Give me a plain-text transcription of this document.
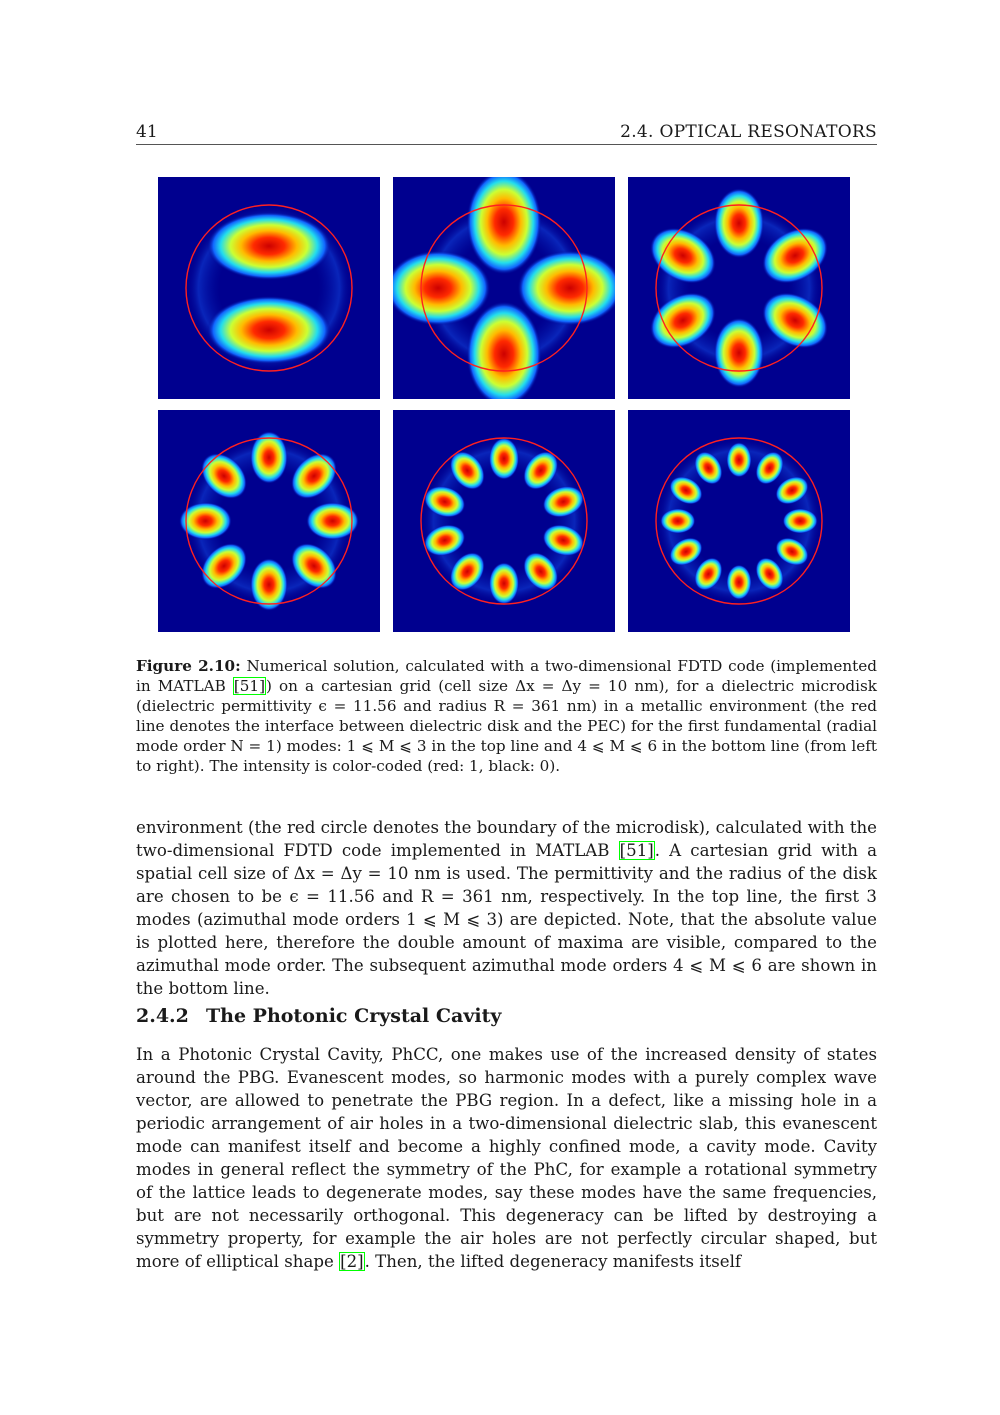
41	2.4. OPTICAL RESONATORS
Figure 2.10: Numerical solution, calculated with a two-dimensional FDTD code (implemented in MATLAB [51]) on a cartesian grid (cell size Δx = Δy = 10 nm), for a dielectric microdisk (dielectric permittivity ϵ = 11.56 and radius R = 361 nm) in a metallic environment (the red line denotes the interface between dielectric disk and the PEC) for the first fundamental (radial mode order N = 1) modes: 1 ⩽ M ⩽ 3 in the top line and 4 ⩽ M ⩽ 6 in the bottom line (from left to right). The intensity is color-coded (red: 1, black: 0).

environment (the red circle denotes the boundary of the microdisk), calculated with the two-dimensional FDTD code implemented in MATLAB [51]. A cartesian grid with a spatial cell size of Δx = Δy = 10 nm is used. The permittivity and the radius of the disk are chosen to be ϵ = 11.56 and R = 361 nm, respectively. In the top line, the first 3 modes (azimuthal mode orders 1 ⩽ M ⩽ 3) are depicted. Note, that the absolute value is plotted here, therefore the double amount of maxima are visible, compared to the azimuthal mode order. The subsequent azimuthal mode orders 4 ⩽ M ⩽ 6 are shown in the bottom line.

2.4.2 The Photonic Crystal Cavity

In a Photonic Crystal Cavity, PhCC, one makes use of the increased density of states around the PBG. Evanescent modes, so harmonic modes with a purely complex wave vector, are allowed to penetrate the PBG region. In a defect, like a missing hole in a periodic arrangement of air holes in a two-dimensional dielectric slab, this evanescent mode can manifest itself and become a highly confined mode, a cavity mode. Cavity modes in general reflect the symmetry of the PhC, for example a rotational symmetry of the lattice leads to degenerate modes, say these modes have the same frequencies, but are not necessarily orthogonal. This degeneracy can be lifted by destroying a symmetry property, for example the air holes are not perfectly circular shaped, but more of elliptical shape [2]. Then, the lifted degeneracy manifests itself
